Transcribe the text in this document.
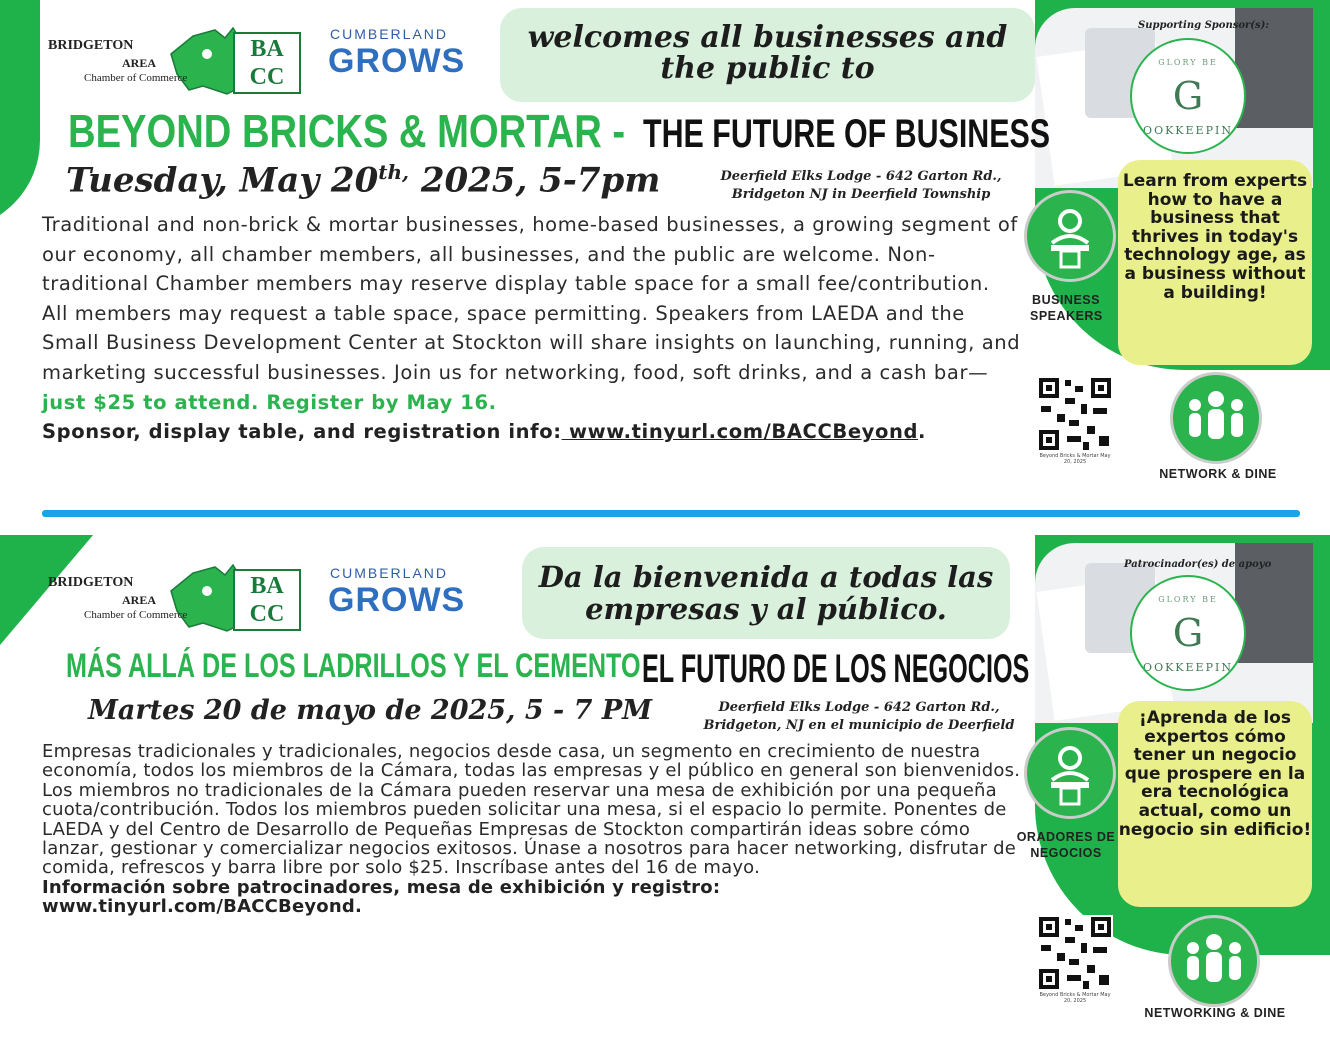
Supporting Sponsor(s):
GLORY BE
G
OOKKEEPIN
BRIDGETON
AREA
Chamber of Commerce
BA
CC
CUMBERLAND
GROWS
welcomes all businesses and the public to
BEYOND BRICKS & MORTAR - THE FUTURE OF BUSINESS
Tuesday, May $20^{th,}$ 2025, 5-7pm	Deerfield Elks Lodge - 642 Garton Rd.,
Bridgeton NJ in Deerfield Township
Traditional and non-brick & mortar businesses, home-based businesses, a growing segment of our economy, all chamber members, all businesses, and the public are welcome. Non-traditional Chamber members may reserve display table space for a small fee/contribution. All members may request a table space, space permitting. Speakers from LAEDA and the Small Business Development Center at Stockton will share insights on launching, running, and marketing successful businesses. Join us for networking, food, soft drinks, and a cash bar—just $25 to attend. Register by May 16.
Sponsor, display table, and registration info: www.tinyurl.com/BACCBeyond.
Learn from experts how to have a business that thrives in today's technology age, as a business without a building!
BUSINESS SPEAKERS
Beyond Bricks & Mortar May 20, 2025
NETWORK & DINE
Patrocinador(es) de apoyo
GLORY BE
G
OOKKEEPIN
BRIDGETON
AREA
Chamber of Commerce
BA
CC
CUMBERLAND
GROWS
Da la bienvenida a todas las empresas y al público.
MÁS ALLÁ DE LOS LADRILLOS Y EL CEMENTO -
EL FUTURO DE LOS NEGOCIOS
Martes 20 de mayo de 2025, 5 - 7 PM	Deerfield Elks Lodge - 642 Garton Rd.,
Bridgeton, NJ en el municipio de Deerfield
Empresas tradicionales y tradicionales, negocios desde casa, un segmento en crecimiento de nuestra economía, todos los miembros de la Cámara, todas las empresas y el público en general son bienvenidos. Los miembros no tradicionales de la Cámara pueden reservar una mesa de exhibición por una pequeña cuota/contribución. Todos los miembros pueden solicitar una mesa, si el espacio lo permite. Ponentes de LAEDA y del Centro de Desarrollo de Pequeñas Empresas de Stockton compartirán ideas sobre cómo lanzar, gestionar y comercializar negocios exitosos. Únase a nosotros para hacer networking, disfrutar de comida, refrescos y barra libre por solo $25. Inscríbase antes del 16 de mayo.
Información sobre patrocinadores, mesa de exhibición y registro: www.tinyurl.com/BACCBeyond.
¡Aprenda de los expertos cómo tener un negocio que prospere en la era tecnológica actual, como un negocio sin edificio!
ORADORES DE NEGOCIOS
Beyond Bricks & Mortar May 20, 2025
NETWORKING & DINE
